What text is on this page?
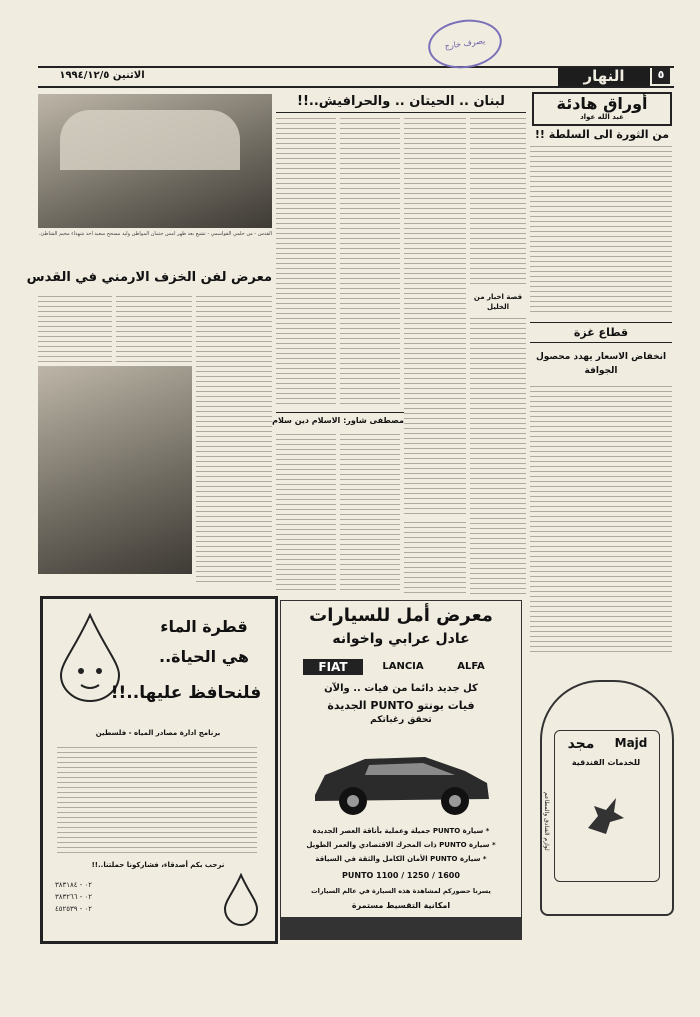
الاثنين ١٩٩٤/١٢/٥	النهار	٥
يصرف خارج
أوراق هادئة
عبد الله عواد
من الثورة الى السلطة !!
قطاع غزة
انخفاض الاسعار يهدد محصول الجوافة
مجد	Majd
للخدمات الفندقية
لوازم الفنادق والمطاعم
لبنان .. الحيتان .. والحرافيش..!!
قصة اخبار من الخليل
مصطفى شاور: الاسلام دين سلام
القدس - من حلمي القواسمي - تشيع بعد ظهر امس جثمان المواطن وليد مسحح سعيد احد شهداء مخيم الشاطئ.
معرض لفن الخزف الارمني في القدس
قطرة الماء
هي الحياة..
فلنحافظ عليها..!!
برنامج ادارة مصادر المياه - فلسطين
نرحب بكم أصدقاء، فشاركونا حملتنا..!!
٠٢ - ٣٨٣١٨٤
٠٢ - ٣٨٣٢٦٦
٠٢ - ٤٥٢٥٣٩
معرض أمل للسيارات
عادل عرابي واخوانه
FIAT	LANCIA	ALFA
كل جديد دائما من فيات .. والآن
فيات بونتو PUNTO الجديدة
تحقق رغباتكم
* سيارة PUNTO جميلة وعملية بأناقة العصر الجديدة
* سيارة PUNTO ذات المحرك الاقتصادي والعمر الطويل
* سيارة PUNTO الأمان الكامل والثقة في السياقة
PUNTO 1100 / 1250 / 1600
يسرنا حضوركم لمشاهدة هذه السيارة في عالم السيارات
امكانية التقسيط مستمرة
